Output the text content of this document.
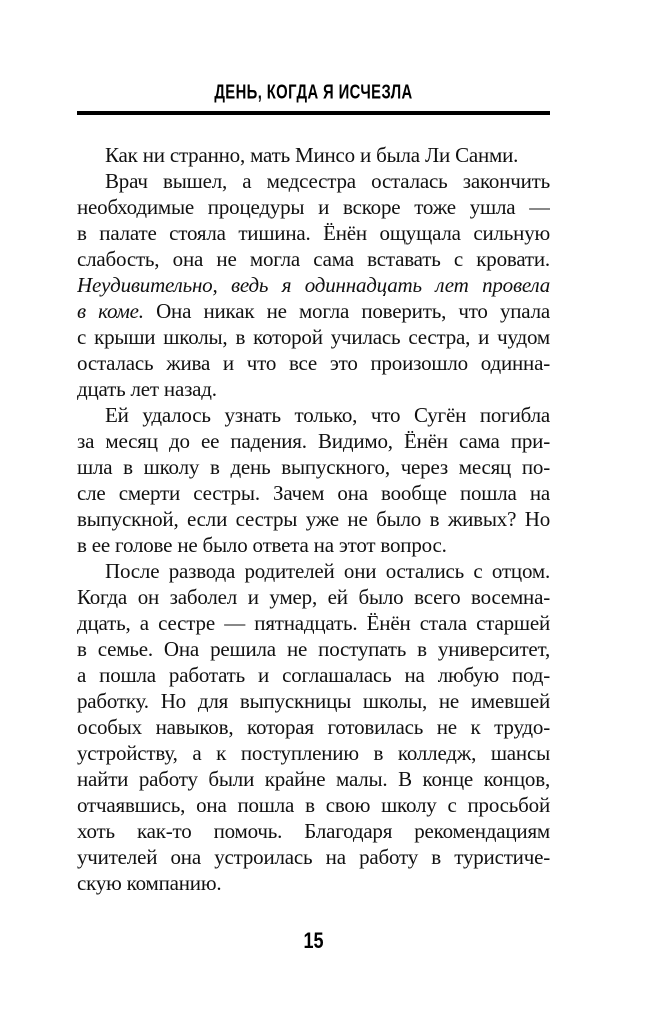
ДЕНЬ, КОГДА Я ИСЧЕЗЛА
Как ни странно, мать Минсо и была Ли Санми.
Врач вышел, а медсестра осталась закончить
необходимые процедуры и вскоре тоже ушла —
в палате стояла тишина. Ёнён ощущала сильную
слабость, она не могла сама вставать с кровати.
Неудивительно, ведь я одиннадцать лет провела
в коме. Она никак не могла поверить, что упала
с крыши школы, в которой училась сестра, и чудом
осталась жива и что все это произошло одинна-
дцать лет назад.
Ей удалось узнать только, что Сугён погибла
за месяц до ее падения. Видимо, Ёнён сама при-
шла в школу в день выпускного, через месяц по-
сле смерти сестры. Зачем она вообще пошла на
выпускной, если сестры уже не было в живых? Но
в ее голове не было ответа на этот вопрос.
После развода родителей они остались с отцом.
Когда он заболел и умер, ей было всего восемна-
дцать, а сестре — пятнадцать. Ёнён стала старшей
в семье. Она решила не поступать в университет,
а пошла работать и соглашалась на любую под-
работку. Но для выпускницы школы, не имевшей
особых навыков, которая готовилась не к трудо-
устройству, а к поступлению в колледж, шансы
найти работу были крайне малы. В конце концов,
отчаявшись, она пошла в свою школу с просьбой
хоть как-то помочь. Благодаря рекомендациям
учителей она устроилась на работу в туристиче-
скую компанию.
15
